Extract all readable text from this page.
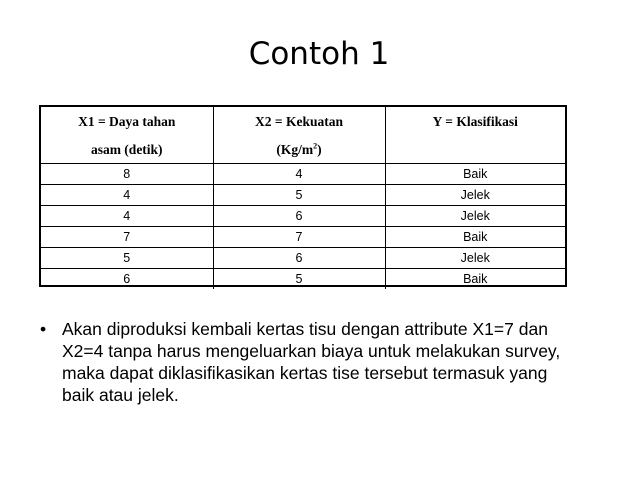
Contoh 1
X1 = Daya tahan	X2 = Kekuatan	Y = Klasifikasi
asam (detik)	$(Kg/m^2)$	
8	4	Baik
4	5	Jelek
4	6	Jelek
7	7	Baik
5	6	Jelek
6	5	Baik
• Akan diproduksi kembali kertas tisu dengan attribute X1=7 dan X2=4 tanpa harus mengeluarkan biaya untuk melakukan survey, maka dapat diklasifikasikan kertas tise tersebut termasuk yang baik atau jelek.
